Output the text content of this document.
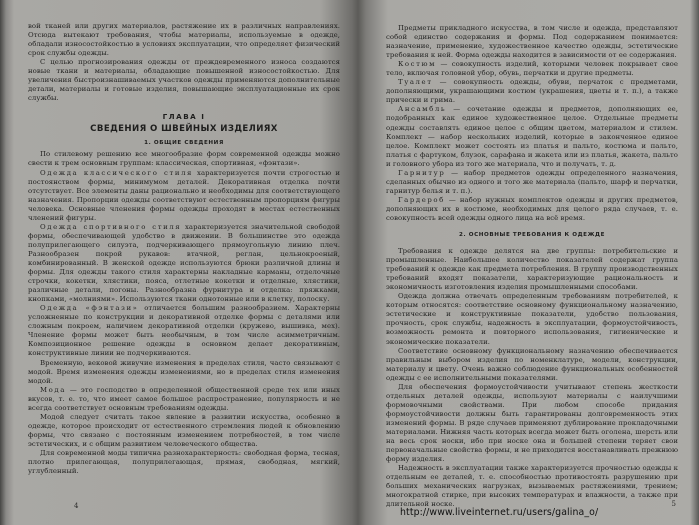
вой тканей или других материалов, растяжение их в различных направлениях. Отсюда вытекают требования, чтобы материалы, используемые в одежде, обладали износостойкостью в условиях эксплуатации, что определяет физический срок службы одежды.

С целью прогнозирования одежды от преждевременного износа создаются новые ткани и материалы, обладающие повышенной износостойкостью. Для увеличения быстроизнашиваемых участков одежды применяются дополнительные детали, материалы и готовые изделия, повышающие эксплуатационные их срок службы.

ГЛАВА I
СВЕДЕНИЯ О ШВЕЙНЫХ ИЗДЕЛИЯХ
1. ОБЩИЕ СВЕДЕНИЯ

По стилевому решению все многообразие форм современной одежды можно свести к трем основным группам: классическая, спортивная, «фэнтази».

Одежда классического стиля характеризуется почти строгостью и постоянством формы, минимумом деталей. Декоративная отделка почти отсутствует. Все элементы даны рационально и необходимы для соответствующего назначения. Пропорции одежды соответствуют естественным пропорциям фигуры человека. Основные членения формы одежды проходят в местах естественных членений фигуры.

Одежда спортивного стиля характеризуется значительной свободой формы, обеспечивающей удобство в движении. В большинстве это одежда полуприлегающего силуэта, подчеркивающего прямоугольную линию плеч. Разнообразен покрой рукавов: втачной, реглан, цельнокроеный, комбинированный. В женской одежде используются брюки различной длины и формы. Для одежды такого стиля характерны накладные карманы, отделочные строчки, кокетки, хлястики, пояса, отлетные кокетки и отделные, хлястики, различные детали, погоны. Разнообразна фурнитура и отделка: пряжками, кнопками, «молниями». Используются ткани однотонные или в клетку, полоску.

Одежда «фэнтази» отличается большим разнообразием. Характерны усложненные по конструкции и декоративной отделке формы с деталями или сложным покроем, наличием декоративной отделки (кружево, вышивка, мех). Членение формы может быть необычным, в том числе асимметричным. Композиционное решение одежды в основном делает декоративным, конструктивные линии не подчеркиваются.

Временную, вековой живучие изменения в пределах стиля, часто связывают с модой. Время изменения одежды изменениями, но в пределах стиля изменения модой.

Мода — это господство в определенной общественной среде тех или иных вкусов, т. е. то, что имеет самое большое распространение, популярность и не всегда соответствует основным требованиям одежды.

Модой следует считать такое явление в развитии искусства, особенно в одежде, которое происходит от естественного стремления людей к обновлению формы, что связано с постоянным изменением потребностей, в том числе эстетических, и с общим развитием человеческого общества.

Для современной моды типична разнохарактерность: свободная форма, тесная, плотно прилегающая, полуприлегающая, прямая, свободная, мягкий, углубленный.

4

Предметы прикладного искусства, в том числе и одежда, представляют собой единство содержания и формы. Под содержанием понимается: назначение, применение, художественное качество одежды, эстетические требования к ней. Форма одежды находится в зависимости от ее содержания.

Костюм — совокупность изделий, которыми человек покрывает свое тело, включая головной убор, обувь, перчатки и другие предметы.

Туалет — совокупность одежды, обуви, перчаток с предметами, дополняющими, украшающими костюм (украшения, цветы и т. п.), а также прически и грима.

Ансамбль — сочетание одежды и предметов, дополняющих ее, подобранных как единое художественное целое. Отдельные предметы одежды составлять единое целое с общим цветом, материалом и стилем. Комплект — набор нескольких изделий, которые в законченное единое целое. Комплект может состоять из платья и пальто, костюма и пальто, платья с фартуком, блузок, сарафана и жакета или из платья, жакета, пальто и головного убора из того же материала, что и получать, т. д.

Гарнитур — набор предметов одежды определенного назначения, сделанных обычно из одного и того же материала (пальто, шарф и перчатки, гарнитур белья и т. п.).

Гардероб — набор нужных комплектов одежды и других предметов, дополняющих их в костюме, необходимых для целого ряда случаев, т. е. совокупность всей одежды одного лица на всё время.

2. ОСНОВНЫЕ ТРЕБОВАНИЯ К ОДЕЖДЕ

Требования к одежде делятся на две группы: потребительские и промышленные. Наибольшее количество показателей содержат группа требований к одежде как предмета потребления. В группу производственных требований входят показатели, характеризующие рациональность и экономичность изготовления изделия промышленными способами.

Одежда должна отвечать определенным требованиям потребителей, к которым относятся: соответствие основному функциональному назначению, эстетические и конструктивные показатели, удобство пользования, прочность, срок службы, надежность в эксплуатации, формоустойчивость, возможность ремонта и повторного использования, гигиенические и экономические показатели.

Соответствие основному функциональному назначению обеспечивается правильным выбором изделия по номенклатуре, модели, конструкции, материалу и цвету. Очень важно соблюдение функциональных особенностей одежды с ее исполнительными показателями.

Для обеспечения формоустойчивости учитывают степень жесткости отдельных деталей одежды, используют материалы с наилучшими формовочными свойствами. При любом способе придания формоустойчивости должны быть гарантированы долговременность этих изменений формы. В ряде случаев применяют дублирование прокладочными материалами. Нижняя часть которых всегда может быть оголена, шерсть или на весь срок носки, ибо при носке она и большей степени теряет свои первоначальные свойства формы, и не приходится восстанавливать прежнюю форму изделия.

Надежность в эксплуатации также характеризуется прочностью одежды к отдельным ее деталей, т. е. способностью противостоять разрушению при больших механических нагрузках, вызываемых растяжениями, трением; многократной стирке, при высоких температурах и влажности, а также при длительной носке.	5
http://www.liveinternet.ru/users/galina_o/
